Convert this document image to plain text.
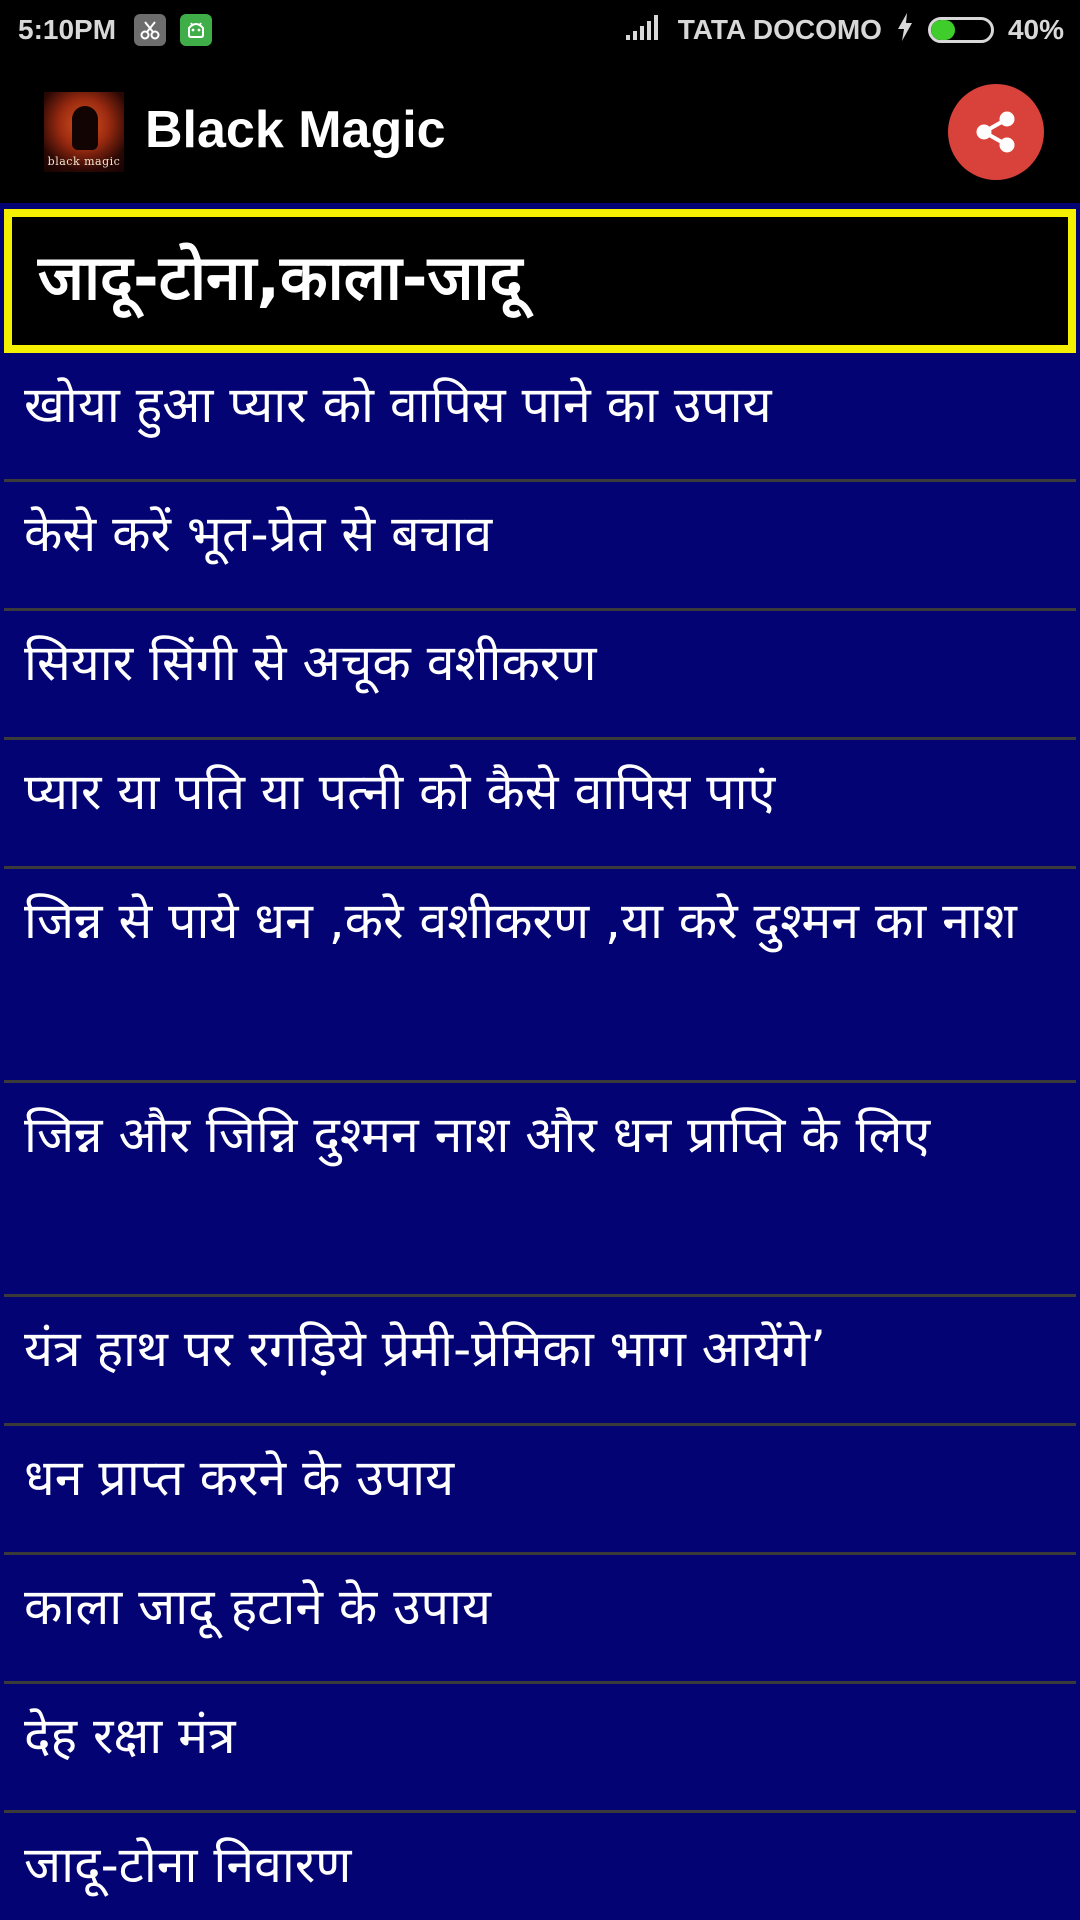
5:10PM	TATA DOCOMO	40%
black magic
Black Magic
जादू-टोना,काला-जादू
खोया हुआ प्यार को वापिस पाने का उपाय
केसे करें भूत-प्रेत से बचाव
सियार सिंगी से अचूक वशीकरण
प्यार या पति या पत्नी को कैसे वापिस पाएं
जिन्न से पाये धन ,करे वशीकरण ,या करे दुश्मन का नाश
जिन्न और जिन्नि दुश्मन नाश और धन प्राप्ति के लिए
यंत्र हाथ पर रगड़िये प्रेमी-प्रेमिका भाग आयेंगे’
धन प्राप्त करने के उपाय
काला जादू हटाने के उपाय
देह रक्षा मंत्र
जादू-टोना निवारण
